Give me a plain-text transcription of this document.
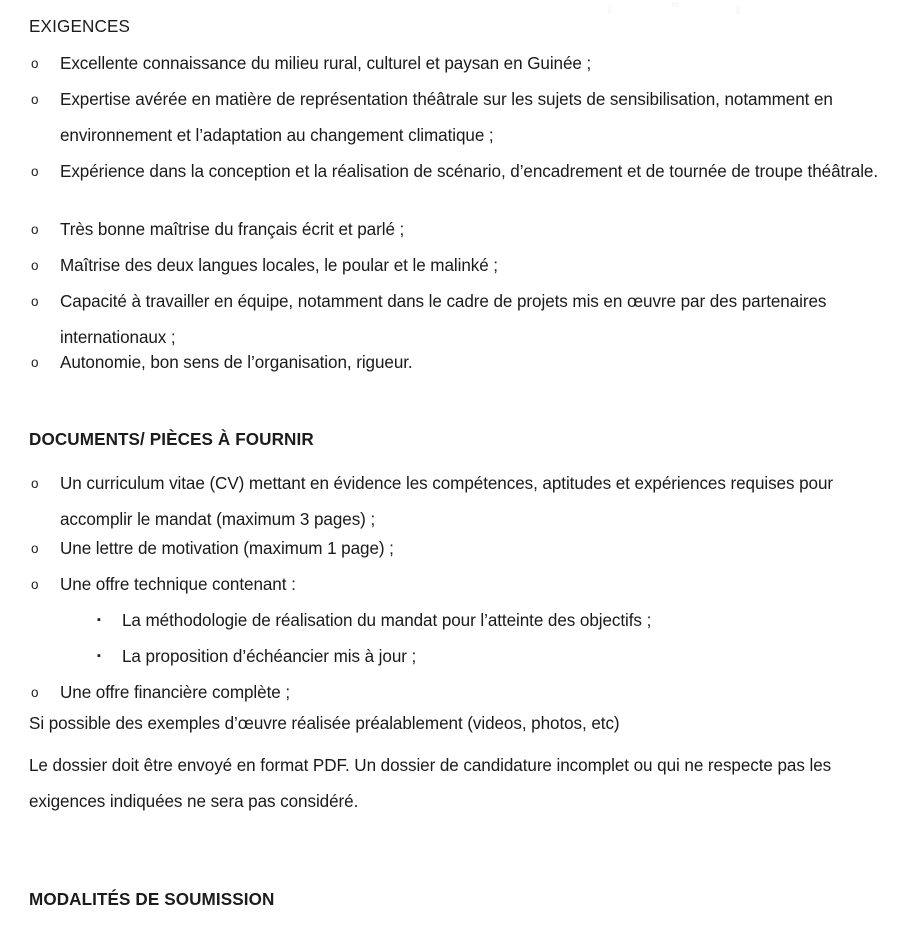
EXIGENCES
o	Excellente connaissance du milieu rural, culturel et paysan en Guinée ;
o	Expertise avérée en matière de représentation théâtrale sur les sujets de sensibilisation, notamment en environnement et l’adaptation au changement climatique ;
o	Expérience dans la conception et la réalisation de scénario, d’encadrement et de tournée de troupe théâtrale.
o	Très bonne maîtrise du français écrit et parlé ;
o	Maîtrise des deux langues locales, le poular et le malinké ;
o	Capacité à travailler en équipe, notamment dans le cadre de projets mis en œuvre par des partenaires internationaux ;
o	Autonomie, bon sens de l’organisation, rigueur.
DOCUMENTS/ PIÈCES À FOURNIR
o	Un curriculum vitae (CV) mettant en évidence les compétences, aptitudes et expériences requises pour accomplir le mandat (maximum 3 pages) ;
o	Une lettre de motivation (maximum 1 page) ;
o	Une offre technique contenant :
▪	La méthodologie de réalisation du mandat pour l’atteinte des objectifs ;
▪	La proposition d’échéancier mis à jour ;
o	Une offre financière complète ;
Si possible des exemples d’œuvre réalisée préalablement (videos, photos, etc)
Le dossier doit être envoyé en format PDF. Un dossier de candidature incomplet ou qui ne respecte pas les exigences indiquées ne sera pas considéré.
MODALITÉS DE SOUMISSION
